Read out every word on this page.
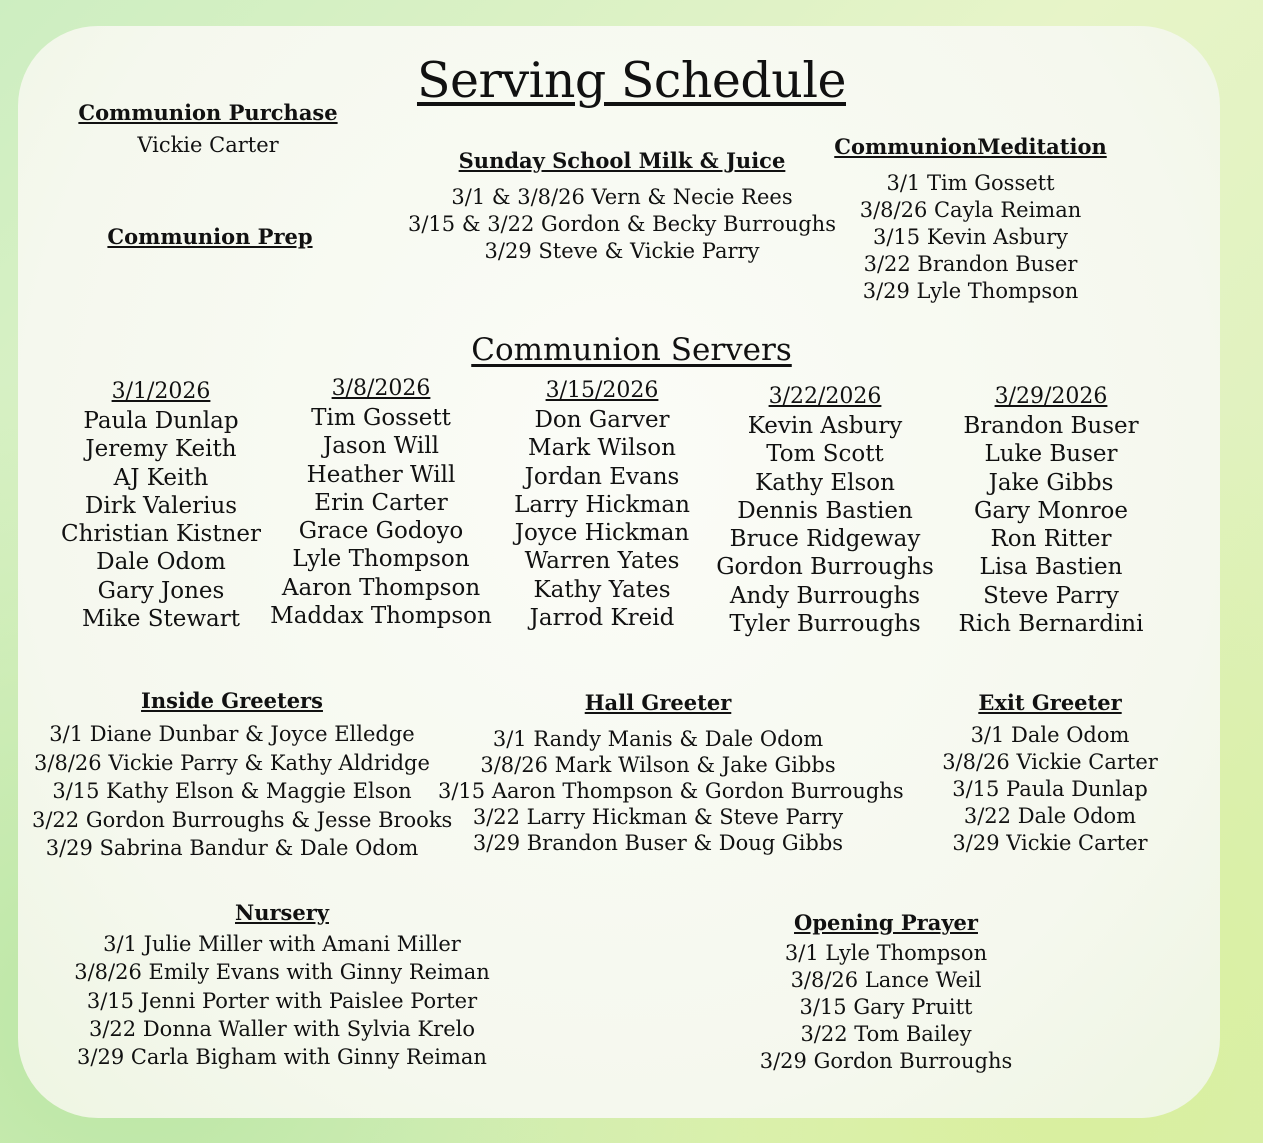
Serving Schedule
Communion Purchase
Vickie Carter
Communion Prep
Sunday School Milk & Juice
3/1 & 3/8/26 Vern & Necie Rees
3/15 & 3/22 Gordon & Becky Burroughs
3/29 Steve & Vickie Parry
CommunionMeditation
3/1 Tim Gossett
3/8/26 Cayla Reiman
3/15 Kevin Asbury
3/22 Brandon Buser
3/29 Lyle Thompson
Communion Servers
3/1/2026
Paula Dunlap
Jeremy Keith
AJ Keith
Dirk Valerius
Christian Kistner
Dale Odom
Gary Jones
Mike Stewart
3/8/2026
Tim Gossett
Jason Will
Heather Will
Erin Carter
Grace Godoyo
Lyle Thompson
Aaron Thompson
Maddax Thompson
3/15/2026
Don Garver
Mark Wilson
Jordan Evans
Larry Hickman
Joyce Hickman
Warren Yates
Kathy Yates
Jarrod Kreid
3/22/2026
Kevin Asbury
Tom Scott
Kathy Elson
Dennis Bastien
Bruce Ridgeway
Gordon Burroughs
Andy Burroughs
Tyler Burroughs
3/29/2026
Brandon Buser
Luke Buser
Jake Gibbs
Gary Monroe
Ron Ritter
Lisa Bastien
Steve Parry
Rich Bernardini
Inside Greeters
3/1 Diane Dunbar & Joyce Elledge
3/8/26 Vickie Parry & Kathy Aldridge
3/15 Kathy Elson & Maggie Elson
3/22 Gordon Burroughs & Jesse Brooks
3/29 Sabrina Bandur & Dale Odom
Hall Greeter
3/1 Randy Manis & Dale Odom
3/8/26 Mark Wilson & Jake Gibbs
3/15 Aaron Thompson & Gordon Burroughs
3/22 Larry Hickman & Steve Parry
3/29 Brandon Buser & Doug Gibbs
Exit Greeter
3/1 Dale Odom
3/8/26 Vickie Carter
3/15 Paula Dunlap
3/22 Dale Odom
3/29 Vickie Carter
Nursery
3/1 Julie Miller with Amani Miller
3/8/26 Emily Evans with Ginny Reiman
3/15 Jenni Porter with Paislee Porter
3/22 Donna Waller with Sylvia Krelo
3/29 Carla Bigham with Ginny Reiman
Opening Prayer
3/1 Lyle Thompson
3/8/26 Lance Weil
3/15 Gary Pruitt
3/22 Tom Bailey
3/29 Gordon Burroughs
